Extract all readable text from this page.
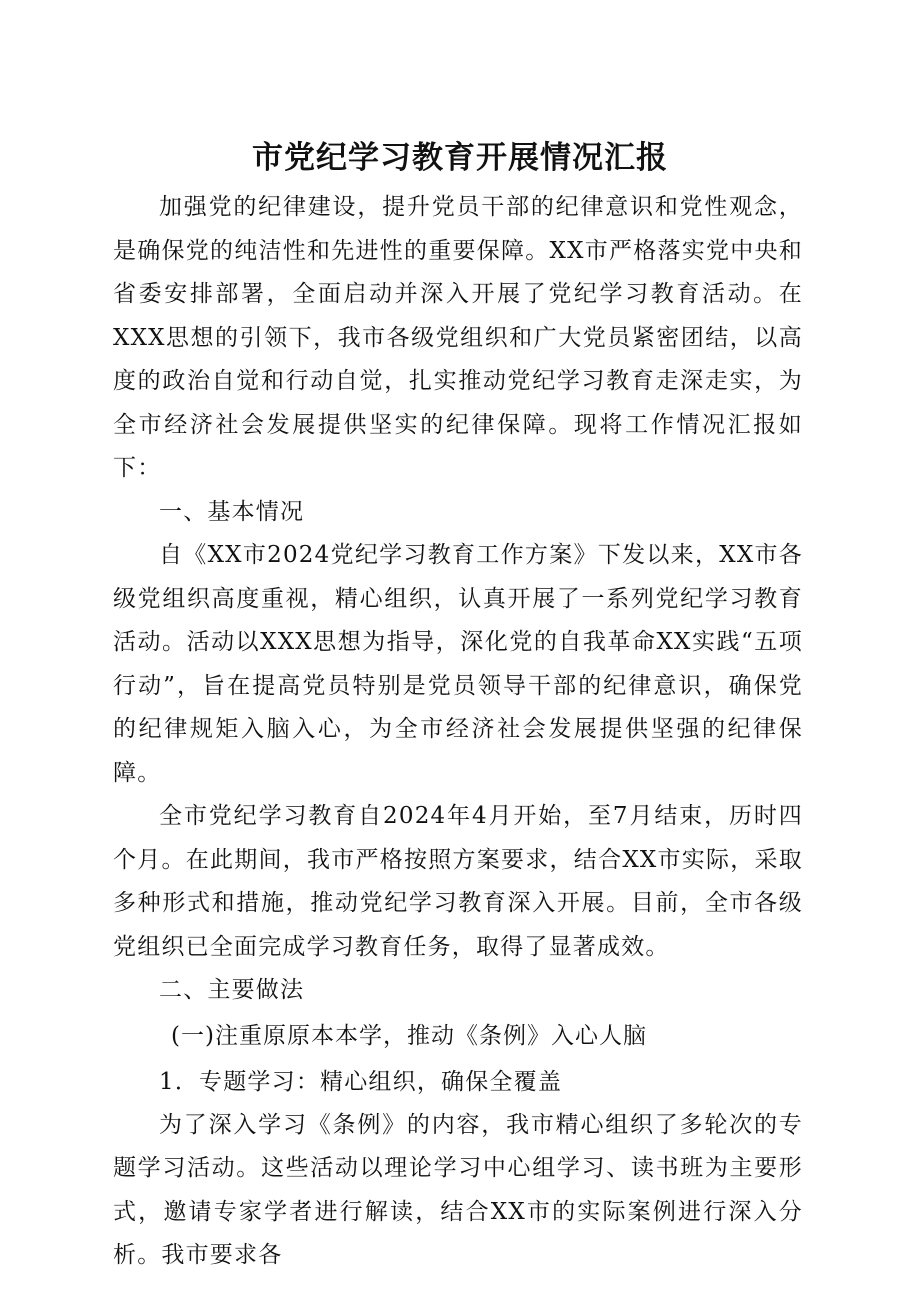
市党纪学习教育开展情况汇报

加强党的纪律建设，提升党员干部的纪律意识和党性观念，是确保党的纯洁性和先进性的重要保障。XX市严格落实党中央和省委安排部署，全面启动并深入开展了党纪学习教育活动。在XXX思想的引领下，我市各级党组织和广大党员紧密团结，以高度的政治自觉和行动自觉，扎实推动党纪学习教育走深走实，为全市经济社会发展提供坚实的纪律保障。现将工作情况汇报如下：

一、基本情况

自《XX市2024党纪学习教育工作方案》下发以来，XX市各级党组织高度重视，精心组织，认真开展了一系列党纪学习教育活动。活动以XXX思想为指导，深化党的自我革命XX实践“五项行动”，旨在提高党员特别是党员领导干部的纪律意识，确保党的纪律规矩入脑入心，为全市经济社会发展提供坚强的纪律保障。

全市党纪学习教育自2024年4月开始，至7月结束，历时四个月。在此期间，我市严格按照方案要求，结合XX市实际，采取多种形式和措施，推动党纪学习教育深入开展。目前，全市各级党组织已全面完成学习教育任务，取得了显著成效。

二、主要做法

(一)注重原原本本学，推动《条例》入心人脑

1．专题学习：精心组织，确保全覆盖

为了深入学习《条例》的内容，我市精心组织了多轮次的专题学习活动。这些活动以理论学习中心组学习、读书班为主要形式，邀请专家学者进行解读，结合XX市的实际案例进行深入分析。我市要求各
